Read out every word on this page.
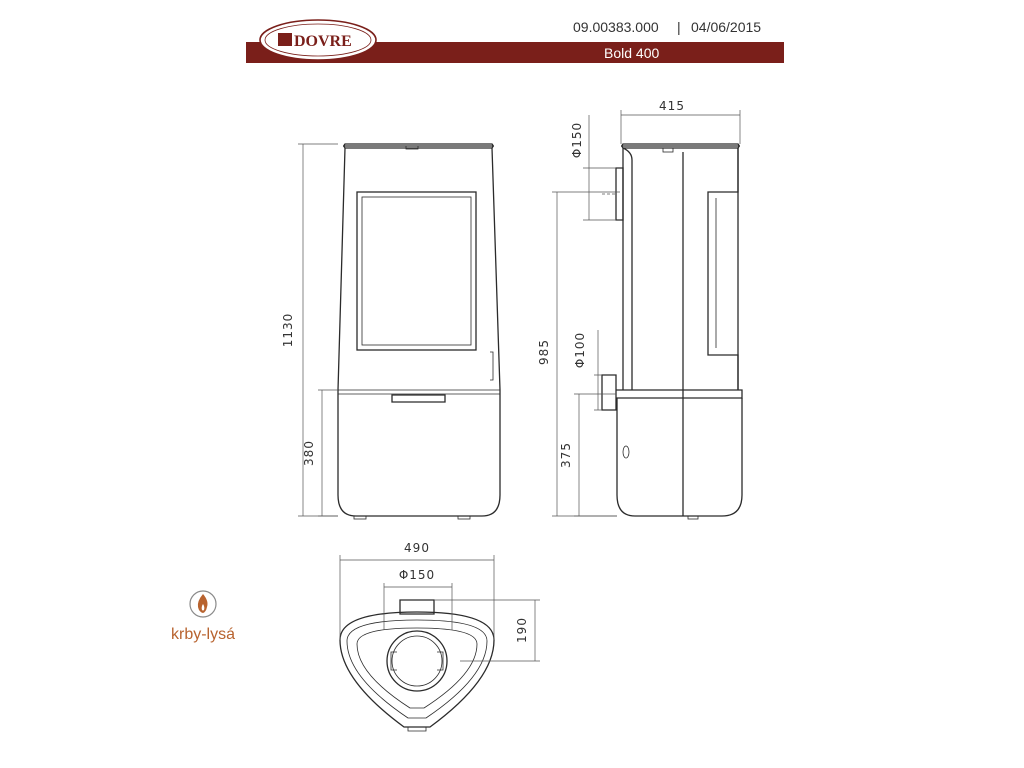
DOVRE
09.00383.000 | 04/06/2015
Bold 400
1130
380
415
Φ150
985 Φ100
375
490
Φ150
190
krby-lysá
